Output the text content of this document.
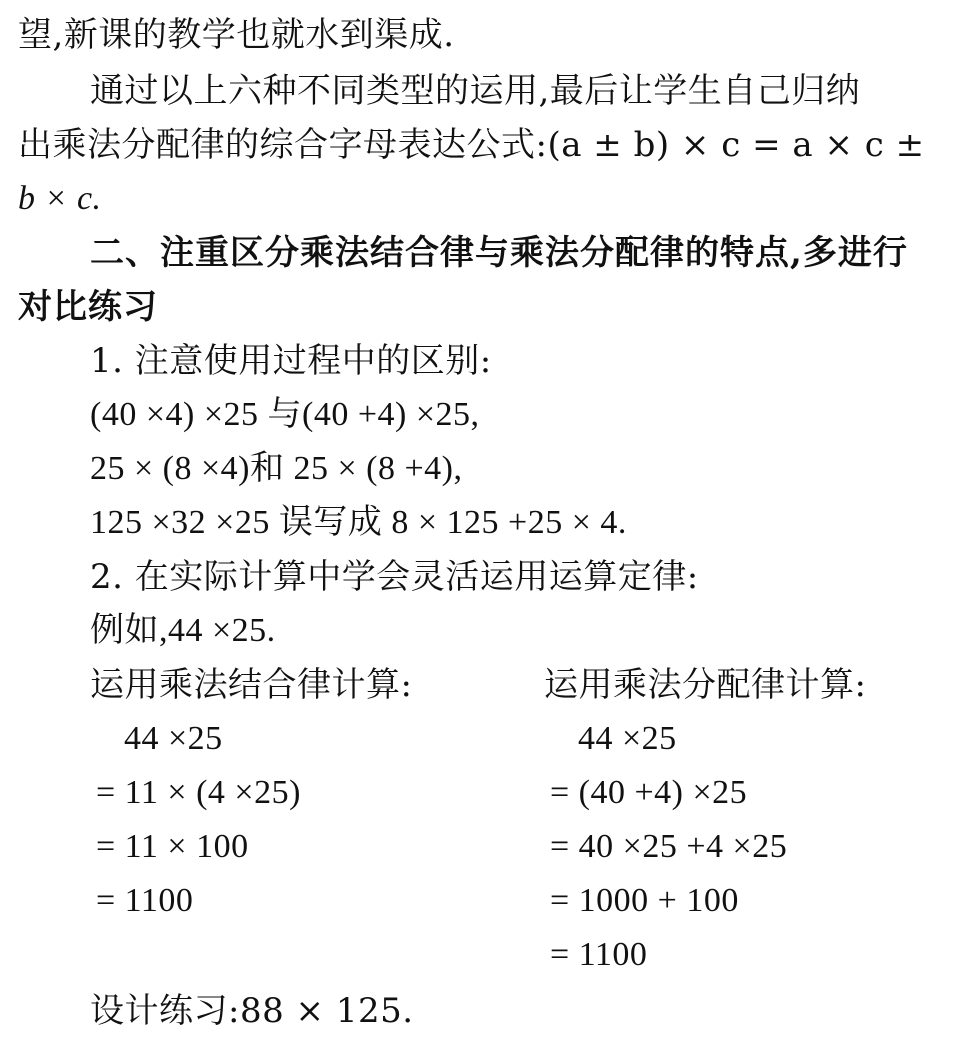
望,新课的教学也就水到渠成.
通过以上六种不同类型的运用,最后让学生自己归纳
出乘法分配律的综合字母表达公式:(a ± b) × c = a × c ±
b × c.
二、注重区分乘法结合律与乘法分配律的特点,多进行
对比练习
1. 注意使用过程中的区别:
(40 ×4) ×25 与(40 +4) ×25,
25 × (8 ×4)和 25 × (8 +4),
125 ×32 ×25 误写成 8 × 125 +25 × 4.
2. 在实际计算中学会灵活运用运算定律:
例如,44 ×25.
运用乘法结合律计算:
44 ×25
= 11 × (4 ×25)
= 11 × 100
= 1100
运用乘法分配律计算:
44 ×25
= (40 +4) ×25
= 40 ×25 +4 ×25
= 1000 + 100
= 1100
设计练习:88 × 125.
